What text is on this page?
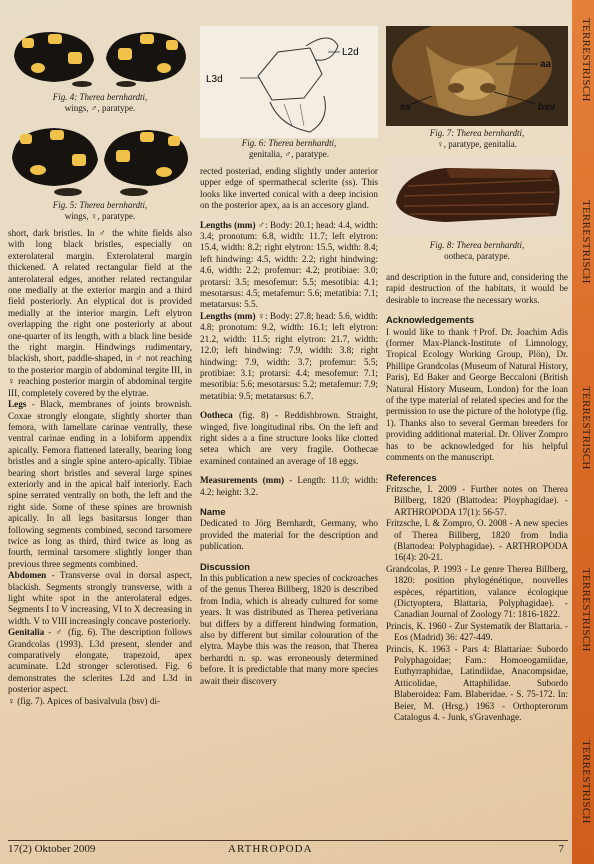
Fig. 4: Therea bernhardti,
wings, ♂, paratype.
Fig. 5: Therea bernhardti,
wings, ♀, paratype.
L3d
L2d
Fig. 6: Therea bernhardti,
genitalia, ♂, paratype.
aa
ss	bsv
Fig. 7: Therea bernhardti,
♀, paratype, genitalia.
Fig. 8: Therea bernhardti,
ootheca, paratype.

short, dark bristles. In ♂ the white fields also with long black bristles, especially on exterolateral margin. Exterolateral margin thickened. A related rectangular field at the anterolateral edges, another related rectangular one medially at the exterior margin and a third field posteriorly. An elyptical dot is provided medially at the interior margin. Left elytron overlapping the right one posteriorly at about one-quarter of its length, with a black line beside the right margin. Hindwings rudimentary, blackish, short, paddle-shaped, in ♂ not reaching to the posterior margin of abdominal tergite III, in ♀ reaching posterior margin of abdominal tergite III, completely covered by the elytrae.

Legs - Black, membranes of joints brownish. Coxae strongly elongate, slightly shorter than femora, with lamellate carinae ventrally, these ventral carinae ending in a lobiform appendix apically. Femora flattened laterally, bearing long bristles and a single spine antero-apically. Tibiae bearing short bristles and several large spines exteriorly and in the apical half interiorly. Each spine serrated ventrally on both, the left and the right side. Some of these spines are brownish apically. In all legs basitarsus longer than following segments combined, second tarsomere twice as long as third, third twice as long as fourth, terminal tarsomere slightly longer than previous three segments combined.

Abdomen - Transverse oval in dorsal aspect, blackish. Segments strongly transverse, with a light white spot in the anterolateral edges. Segments I to V increasing, VI to X decreasing in width. V to VIII increasingly concave posteriorly.

Genitalia - ♂ (fig. 6). The description follows Grandcolas (1993). L3d present, slender and comparatively elongate, trapezoid, apex acuminate. L2d stronger sclerotised. Fig. 6 demonstrates the sclerites L2d and L3d in posterior aspect.

♀ (fig. 7). Apices of basivalvula (bsv) di-

rected posteriad, ending slightly under anterior upper edge of spermathecal sclerite (ss). This looks like inverted conical with a deep incision on the posterior apex, aa is an accesory gland.

Lengths (mm) ♂: Body: 20.1; head: 4.4, width: 3.4; pronotum: 6.8, width: 11.7; left elytron: 15.4, width: 8.2; right elytron: 15.5, width: 8.4; left hindwing: 4.5, width: 2.2; right hindwing: 4.6, width: 2.2; profemur: 4.2; protibiae: 3.0; protarsi: 3.5; mesofemur: 5.5; mesotibia: 4.1; mesotarsus: 4.5; metafemur: 5.6; metatibia: 7.1; metatarsus: 5.5.

Lengths (mm) ♀: Body: 27.8; head: 5.6, width: 4.8; pronotum: 9.2, width: 16.1; left elytron: 21.2, width: 11.5; right elytron: 21.7, width: 12.0; left hindwing: 7.9, width: 3.8; right hindwing: 7.9, width: 3.7; profemur: 5.5; protibiae: 3.1; protarsi: 4.4; mesofemur: 7.1; mesotibia: 5.6; mesotarsus: 5.2; metafemur: 7.9; metatibia: 9.5; metatarsus: 6.7.

Ootheca (fig. 8) - Reddishbrown. Straight, winged, five longitudinal ribs. On the left and right sides a a fine structure looks like clotted setea which are very fragile. Oothecae examined contained an average of 18 eggs.

Measurements (mm) - Length: 11.0; width: 4.2; height: 3.2.

Name

Dedicated to Jörg Bernhardt, Germany, who provided the material for the description and publication.

Discussion

In this publication a new species of cockroaches of the genus Therea Billberg, 1820 is described from India, which is already cultured for some years. It was distributed as Therea petiveriana but differs by a different hindwing formation, also by different but similar colouration of the elytra. Maybe this was the reason, that Therea berhardti n. sp. was erroneously determined before. It is predictable that many more species await their discovery

and description in the future and, considering the rapid destruction of the habitats, it would be desirable to increase the necessary works.

Acknowledgements

I would like to thank †Prof. Dr. Joachim Adis (former Max-Planck-Institute of Limnology, Tropical Ecology Working Group, Plön), Dr. Phillipe Grandcolas (Museum of Natural History, Paris), Ed Baker and George Beccaloni (British Natural History Museum, London) for the loan of the type material of related species and for the permission to use the picture of the holotype (fig. 1). Thanks also to several German breeders for providing additional material. Dr. Oliver Zompro has to be acknowledged for his helpful comments on the manuscript.

References

Fritzsche, I. 2009 - Further notes on Therea Billberg, 1820 (Blattodea: Ployphagidae). - ARTHROPODA 17(1): 56-57.

Fritzsche, I. & Zompro, O. 2008 - A new species of Therea Billberg, 1820 from India (Blattodea: Polyphagidae). - ARTHROPODA 16(4): 20-21.

Grandcolas, P. 1993 - Le genre Therea Billberg, 1820: position phylogénétique, nouvelles espèces, répartition, valance écologique (Dictyoptera, Blattaria, Polyphagidae). - Canadian Journal of Zoology 71: 1816-1822.

Princis, K. 1960 - Zur Systematik der Blattaria. - Eos (Madrid) 36: 427-449.

Princis, K. 1963 - Pars 4: Blattariae: Subordo Polyphagoidae; Fam.: Homoeogamiidae, Euthyrraphidae, Latindiidae, Anacompsidae, Atticolidae, Attaphilidae. Subordo Blaberoidea: Fam. Blaberidae. - S. 75-172. In: Beier, M. (Hrsg.) 1963 - Orthopterorum Catalogus 4. - Junk, s'Gravenhage.

17(2) Oktober 2009	ARTHROPODA	7
TERRESTRISCH
TERRESTRISCH
TERRESTRISCH
TERRESTRISCH
TERRESTRISCH
